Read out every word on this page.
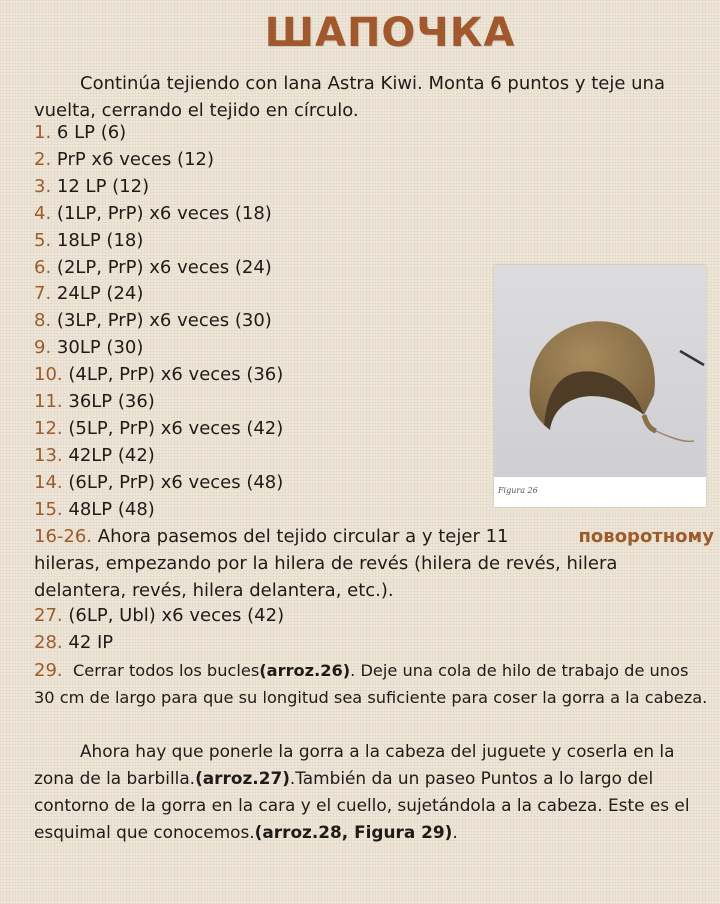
ШАПОЧКА
Continúa tejiendo con lana Astra Kiwi. Monta 6 puntos y teje una vuelta, cerrando el tejido en círculo.
1. 6 LP (6)
2. PrP x6 veces (12)
3. 12 LP (12)
4. (1LP, PrP) x6 veces (18)
5. 18LP (18)
6. (2LP, PrP) x6 veces (24)
7. 24LP (24)
8. (3LP, PrP) x6 veces (30)
9. 30LP (30)
10. (4LP, PrP) x6 veces (36)
11. 36LP (36)
12. (5LP, PrP) x6 veces (42)
13. 42LP (42)
14. (6LP, PrP) x6 veces (48)
15. 48LP (48)
Figura 26
поворотному
16-26. Ahora pasemos del tejido circular a y tejer 11 hileras, empezando por la hilera de revés (hilera de revés, hilera delantera, revés, hilera delantera, etc.).
27. (6LP, Ubl) x6 veces (42)
28. 42 IP
29. Cerrar todos los bucles(arroz.26). Deje una cola de hilo de trabajo de unos 30 cm de largo para que su longitud sea suficiente para coser la gorra a la cabeza.
Ahora hay que ponerle la gorra a la cabeza del juguete y coserla en la zona de la barbilla.(arroz.27).También da un paseo Puntos a lo largo del contorno de la gorra en la cara y el cuello, sujetándola a la cabeza. Este es el esquimal que conocemos.(arroz.28, Figura 29).
